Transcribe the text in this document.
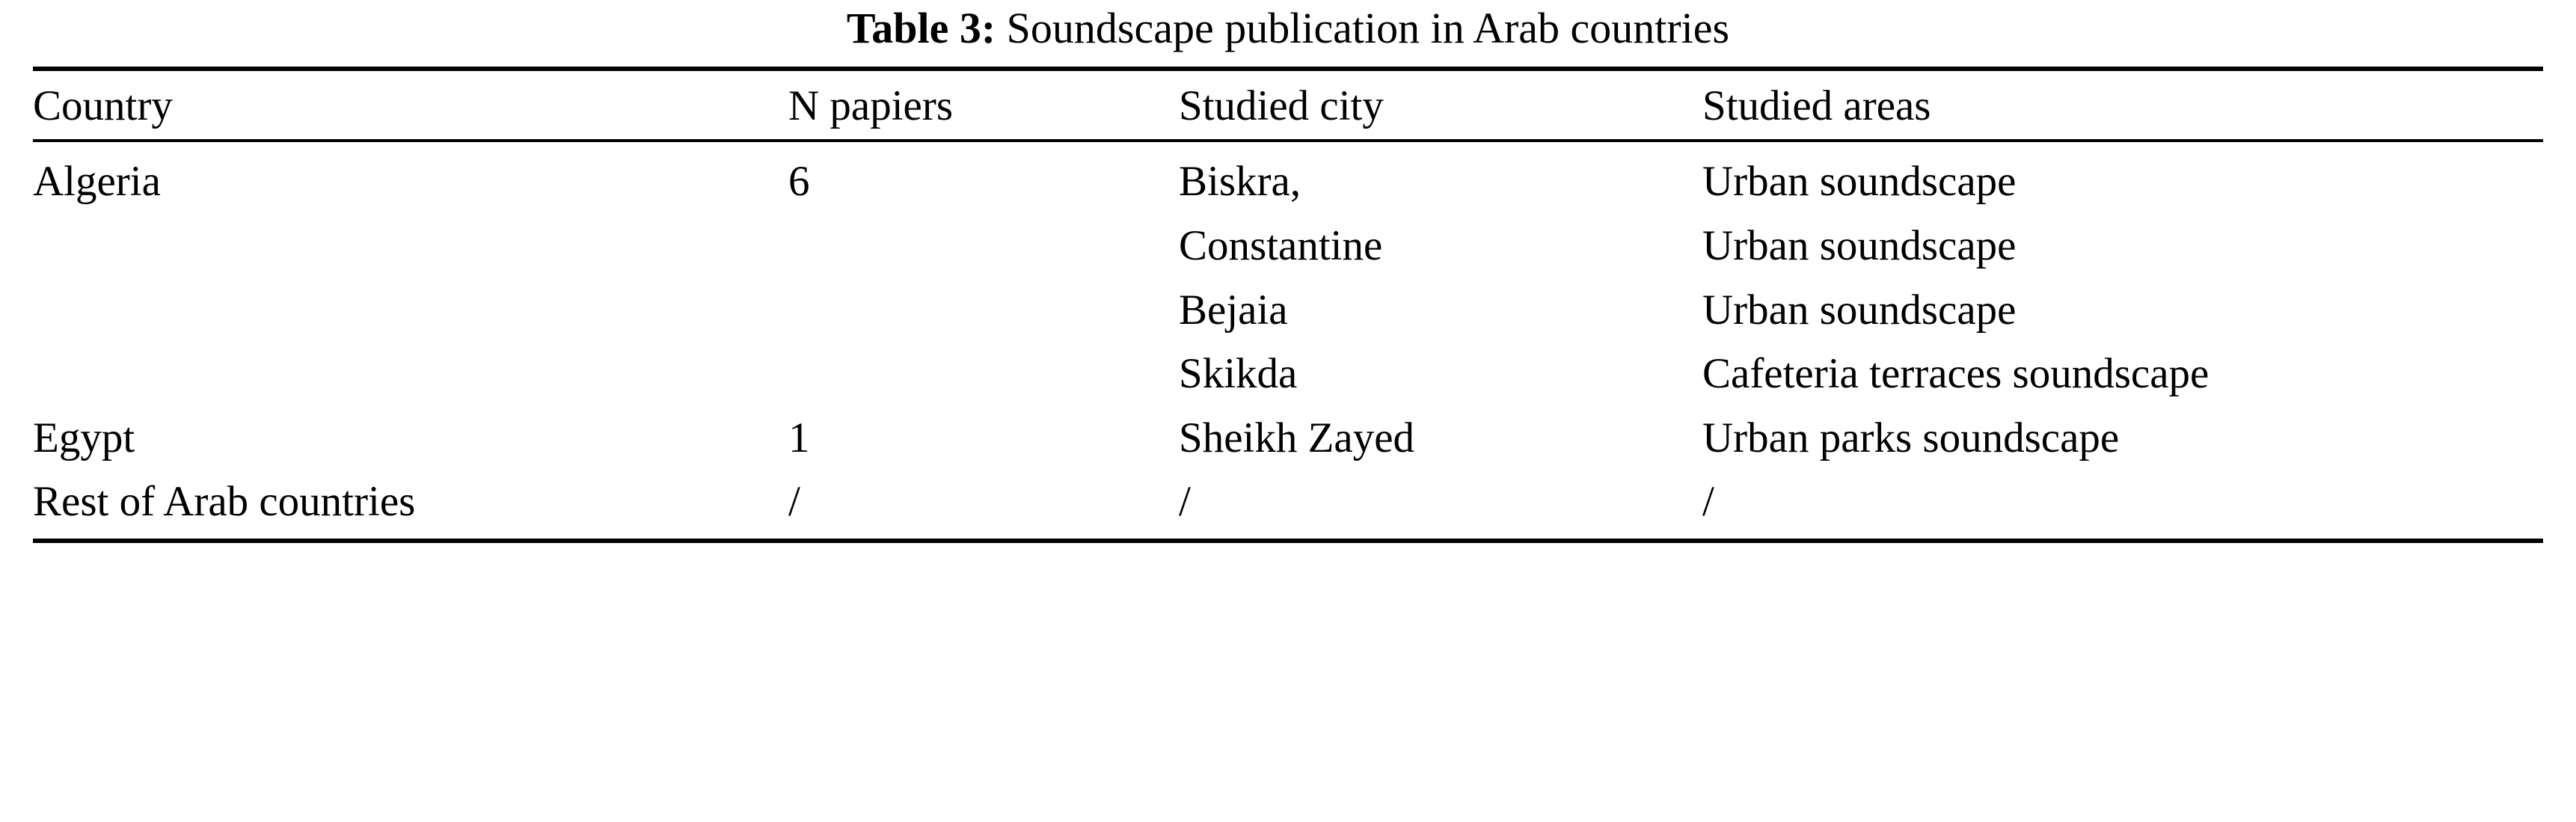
Table 3: Soundscape publication in Arab countries
Country	N papiers	Studied city	Studied areas
Algeria	6	Biskra,	Urban soundscape
		Constantine	Urban soundscape
		Bejaia	Urban soundscape
		Skikda	Cafeteria terraces soundscape
Egypt	1	Sheikh Zayed	Urban parks soundscape
Rest of Arab countries	/	/	/
